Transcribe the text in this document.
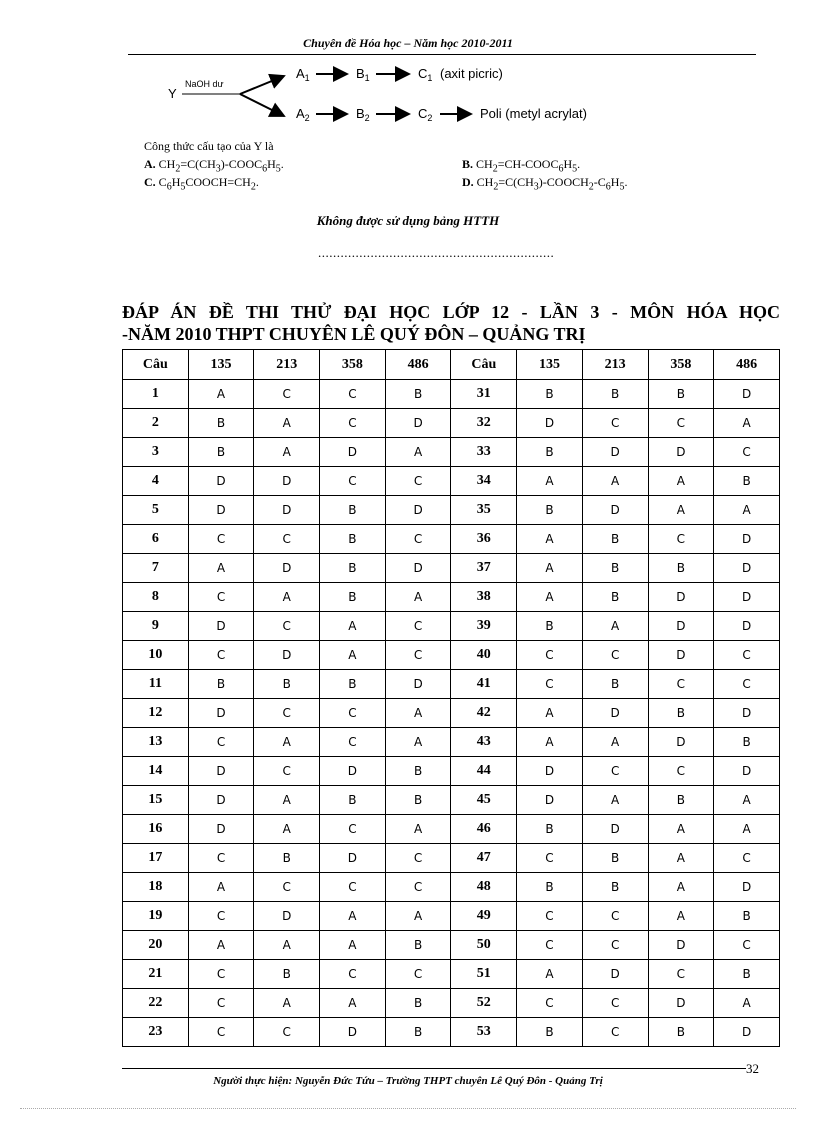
Chuyên đề Hóa học – Năm học 2010-2011
Y
NaOH dư
$A_1$	$B_1$	$C_1$ (axit picric)
$A_2$	$B_2$	$C_2$	Poli (metyl acrylat)
Công thức cấu tạo của Y là
A. $CH_2=C(CH_3)-COOC_6H_5$.	B. $CH_2=CH-COOC_6H_5$.
C. $C_6H_5COOCH=CH_2$.	D. $CH_2=C(CH_3)-COOCH_2-C_6H_5$.
Không được sử dụng bảng HTTH
...............................................................
ĐÁP ÁN ĐỀ THI THỬ ĐẠI HỌC LỚP 12 - LẦN 3 - MÔN HÓA HỌC
-NĂM 2010 THPT CHUYÊN LÊ QUÝ ĐÔN – QUẢNG TRỊ
Câu	135	213	358	486	Câu	135	213	358	486
1	A	C	C	B	31	B	B	B	D
2	B	A	C	D	32	D	C	C	A
3	B	A	D	A	33	B	D	D	C
4	D	D	C	C	34	A	A	A	B
5	D	D	B	D	35	B	D	A	A
6	C	C	B	C	36	A	B	C	D
7	A	D	B	D	37	A	B	B	D
8	C	A	B	A	38	A	B	D	D
9	D	C	A	C	39	B	A	D	D
10	C	D	A	C	40	C	C	D	C
11	B	B	B	D	41	C	B	C	C
12	D	C	C	A	42	A	D	B	D
13	C	A	C	A	43	A	A	D	B
14	D	C	D	B	44	D	C	C	D
15	D	A	B	B	45	D	A	B	A
16	D	A	C	A	46	B	D	A	A
17	C	B	D	C	47	C	B	A	C
18	A	C	C	C	48	B	B	A	D
19	C	D	A	A	49	C	C	A	B
20	A	A	A	B	50	C	C	D	C
21	C	B	C	C	51	A	D	C	B
22	C	A	A	B	52	C	C	D	A
23	C	C	D	B	53	B	C	B	D
32
Người thực hiện: Nguyễn Đức Tứu – Trường THPT chuyên Lê Quý Đôn - Quảng Trị
